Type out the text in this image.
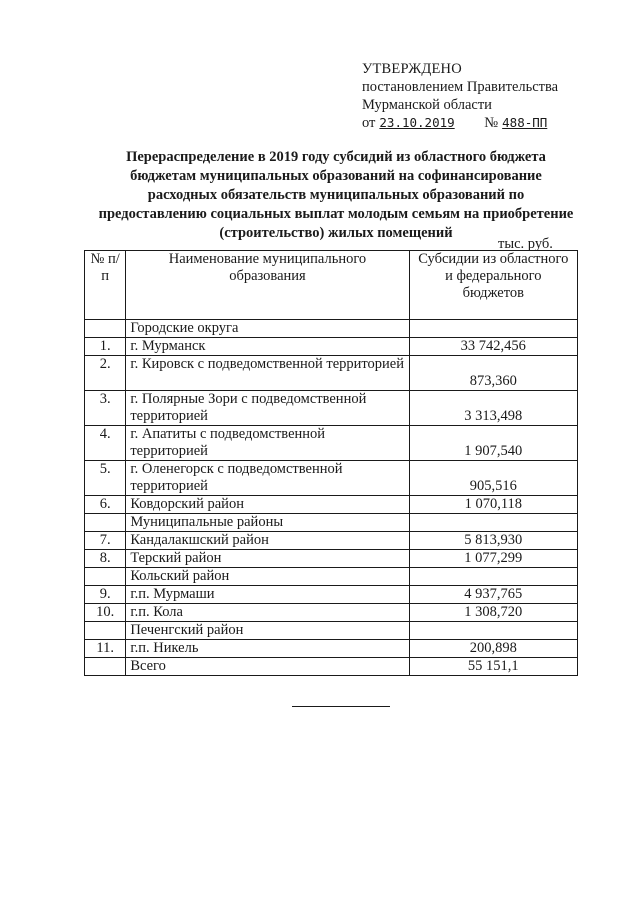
УТВЕРЖДЕНО
постановлением Правительства
Мурманской области
от 23.10.2019 № 488-ПП
Перераспределение в 2019 году субсидий из областного бюджета
бюджетам муниципальных образований на софинансирование
расходных обязательств муниципальных образований по
предоставлению социальных выплат молодым семьям на приобретение
(строительство) жилых помещений
тыс. руб.
№ п/п	Наименование муниципального образования	Субсидии из областного и федерального бюджетов
	Городские округа	
1.	г. Мурманск	33 742,456
2.	г. Кировск с подведомственной территорией	873,360
3.	г. Полярные Зори с подведомственной территорией	3 313,498
4.	г. Апатиты с подведомственной территорией	1 907,540
5.	г. Оленегорск с подведомственной территорией	905,516
6.	Ковдорский район	1 070,118
	Муниципальные районы	
7.	Кандалакшский район	5 813,930
8.	Терский район	1 077,299
	Кольский район	
9.	г.п. Мурмаши	4 937,765
10.	г.п. Кола	1 308,720
	Печенгский район	
11.	г.п. Никель	200,898
	Всего	55 151,1
